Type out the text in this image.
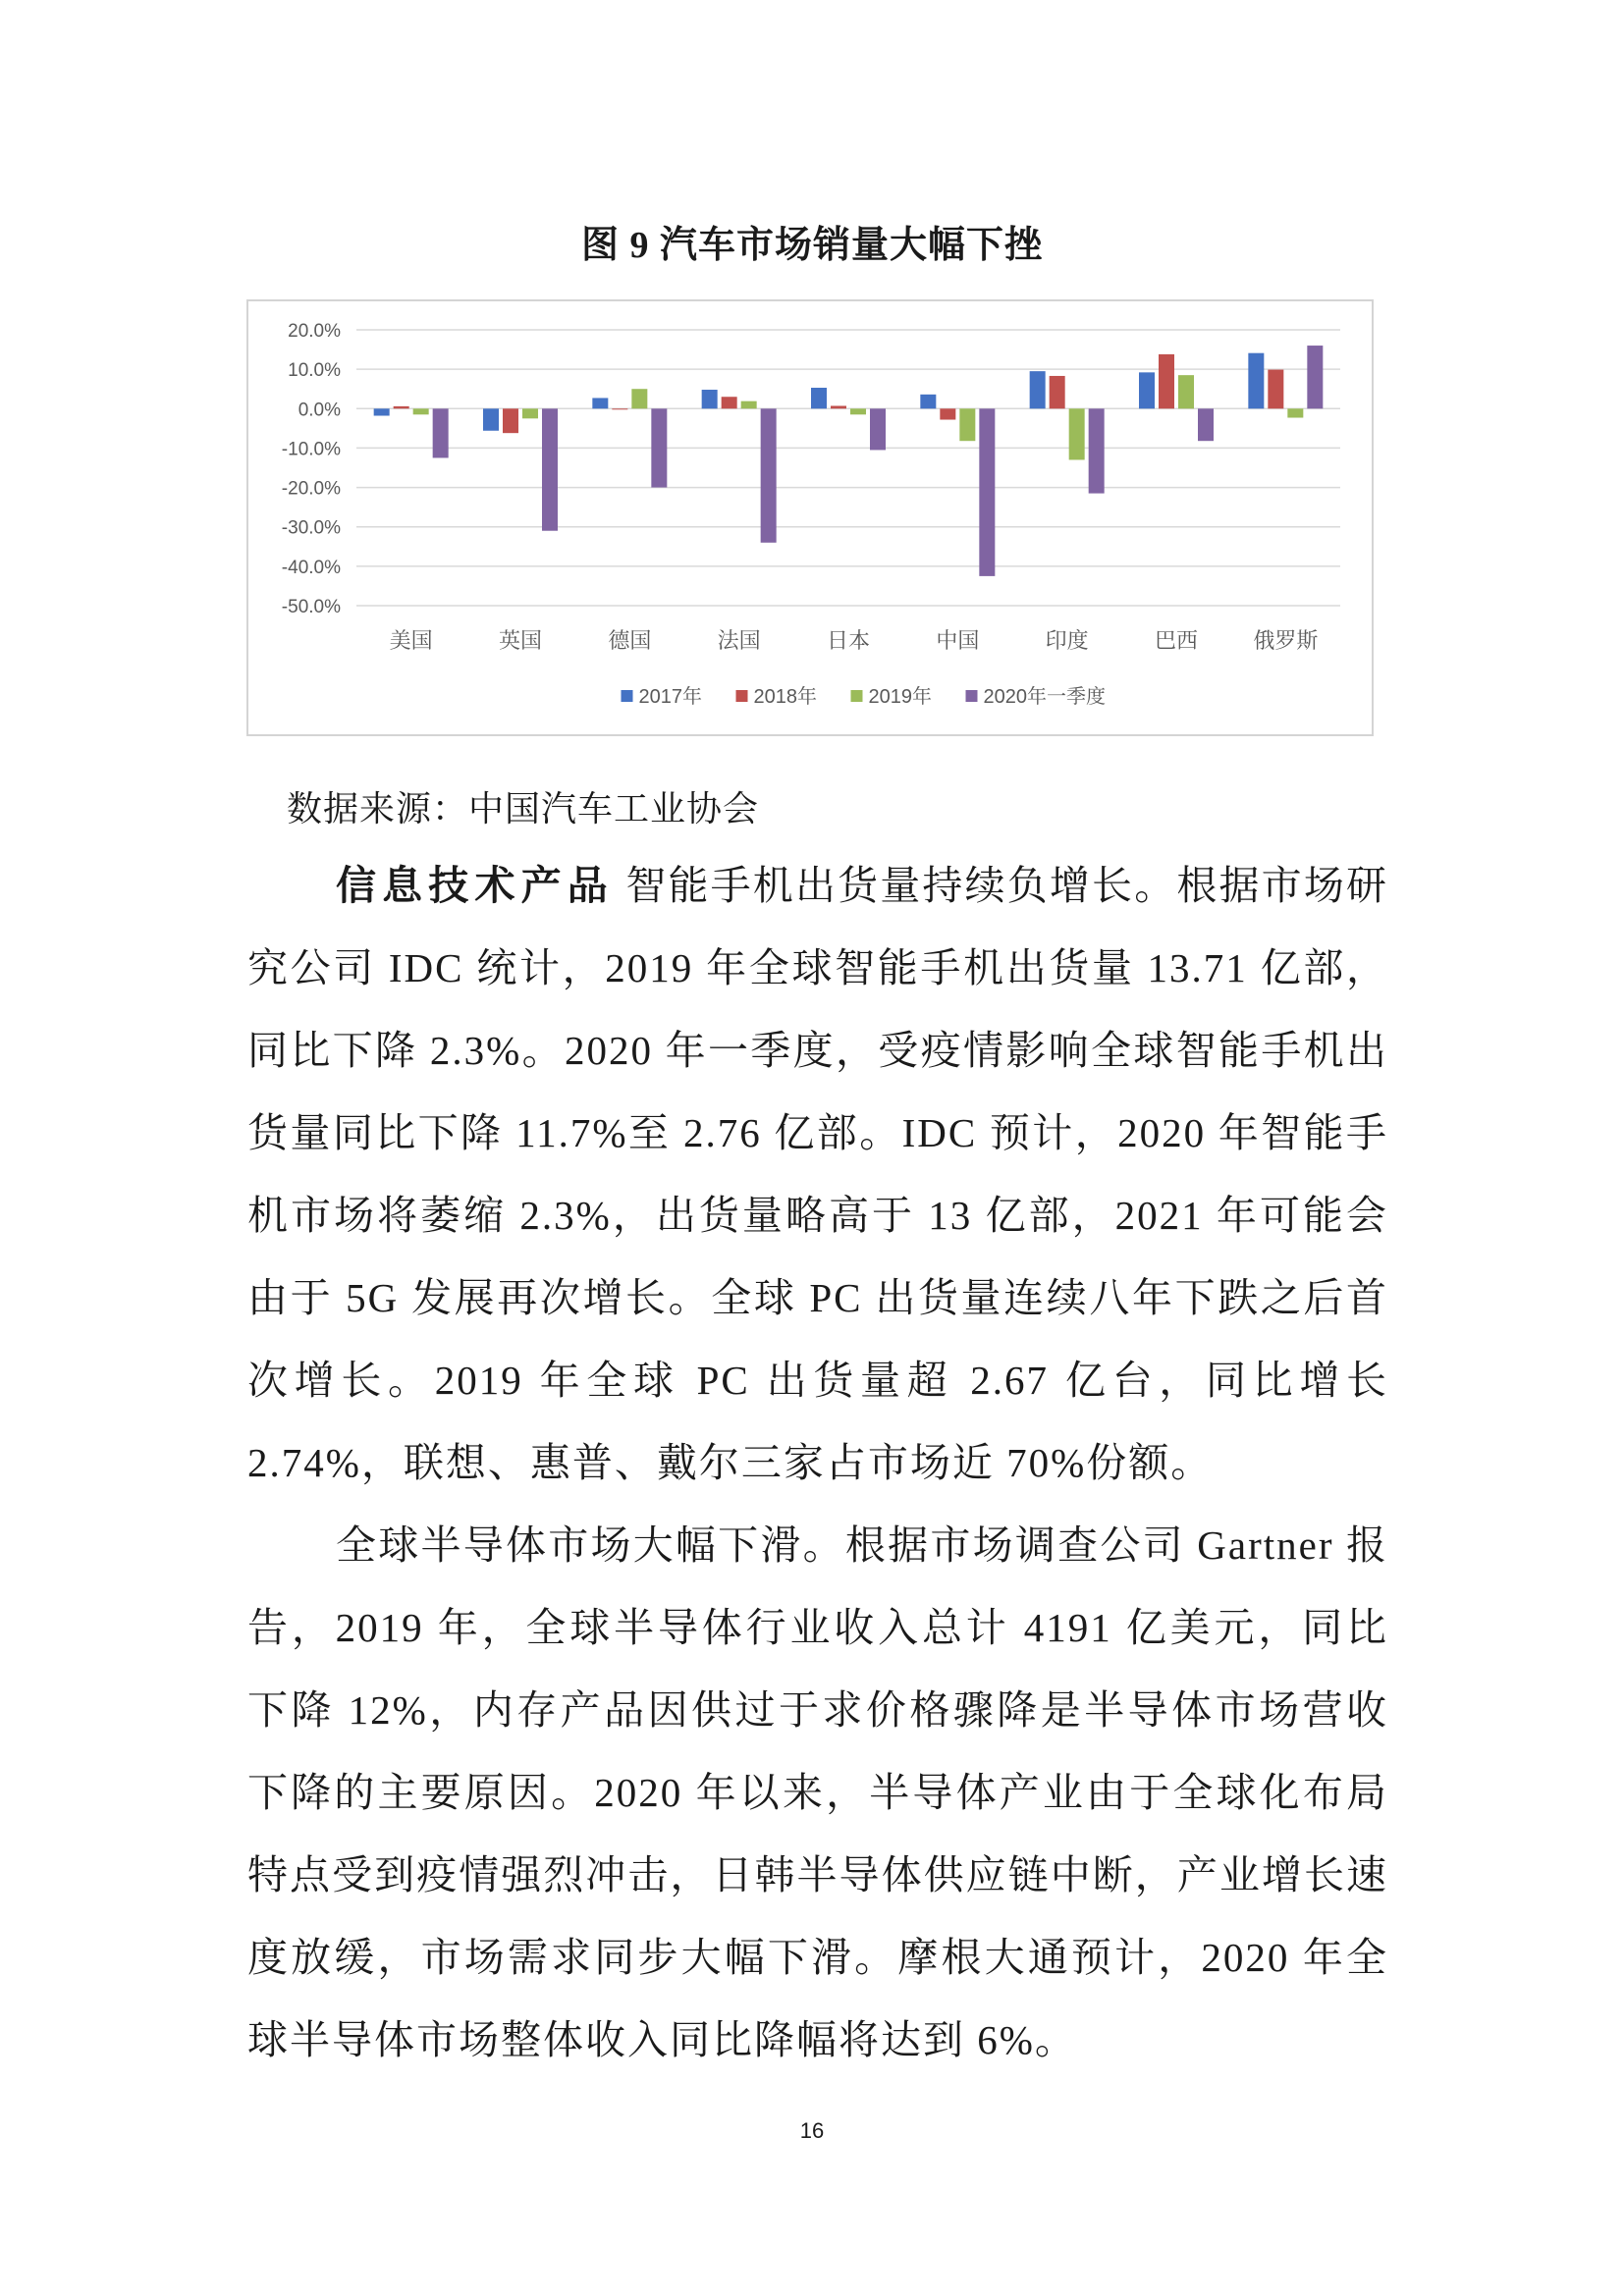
图 9 汽车市场销量大幅下挫
20.0%
10.0%
0.0%
-10.0%
-20.0%
-30.0%
-40.0%
-50.0%
美国	英国	德国	法国	日本	中国	印度	巴西	俄罗斯
2017年	2018年	2019年	2020年一季度
数据来源：中国汽车工业协会

信息技术产品 智能手机出货量持续负增长。根据市场研究公司 IDC 统计，2019 年全球智能手机出货量 13.71 亿部，同比下降 2.3%。2020 年一季度，受疫情影响全球智能手机出货量同比下降 11.7%至 2.76 亿部。IDC 预计，2020 年智能手机市场将萎缩 2.3%，出货量略高于 13 亿部，2021 年可能会由于 5G 发展再次增长。全球 PC 出货量连续八年下跌之后首次增长。2019 年全球 PC 出货量超 2.67 亿台，同比增长 2.74%，联想、惠普、戴尔三家占市场近 70%份额。

全球半导体市场大幅下滑。根据市场调查公司 Gartner 报告，2019 年，全球半导体行业收入总计 4191 亿美元，同比下降 12%，内存产品因供过于求价格骤降是半导体市场营收下降的主要原因。2020 年以来，半导体产业由于全球化布局特点受到疫情强烈冲击，日韩半导体供应链中断，产业增长速度放缓，市场需求同步大幅下滑。摩根大通预计，2020 年全球半导体市场整体收入同比降幅将达到 6%。

16
